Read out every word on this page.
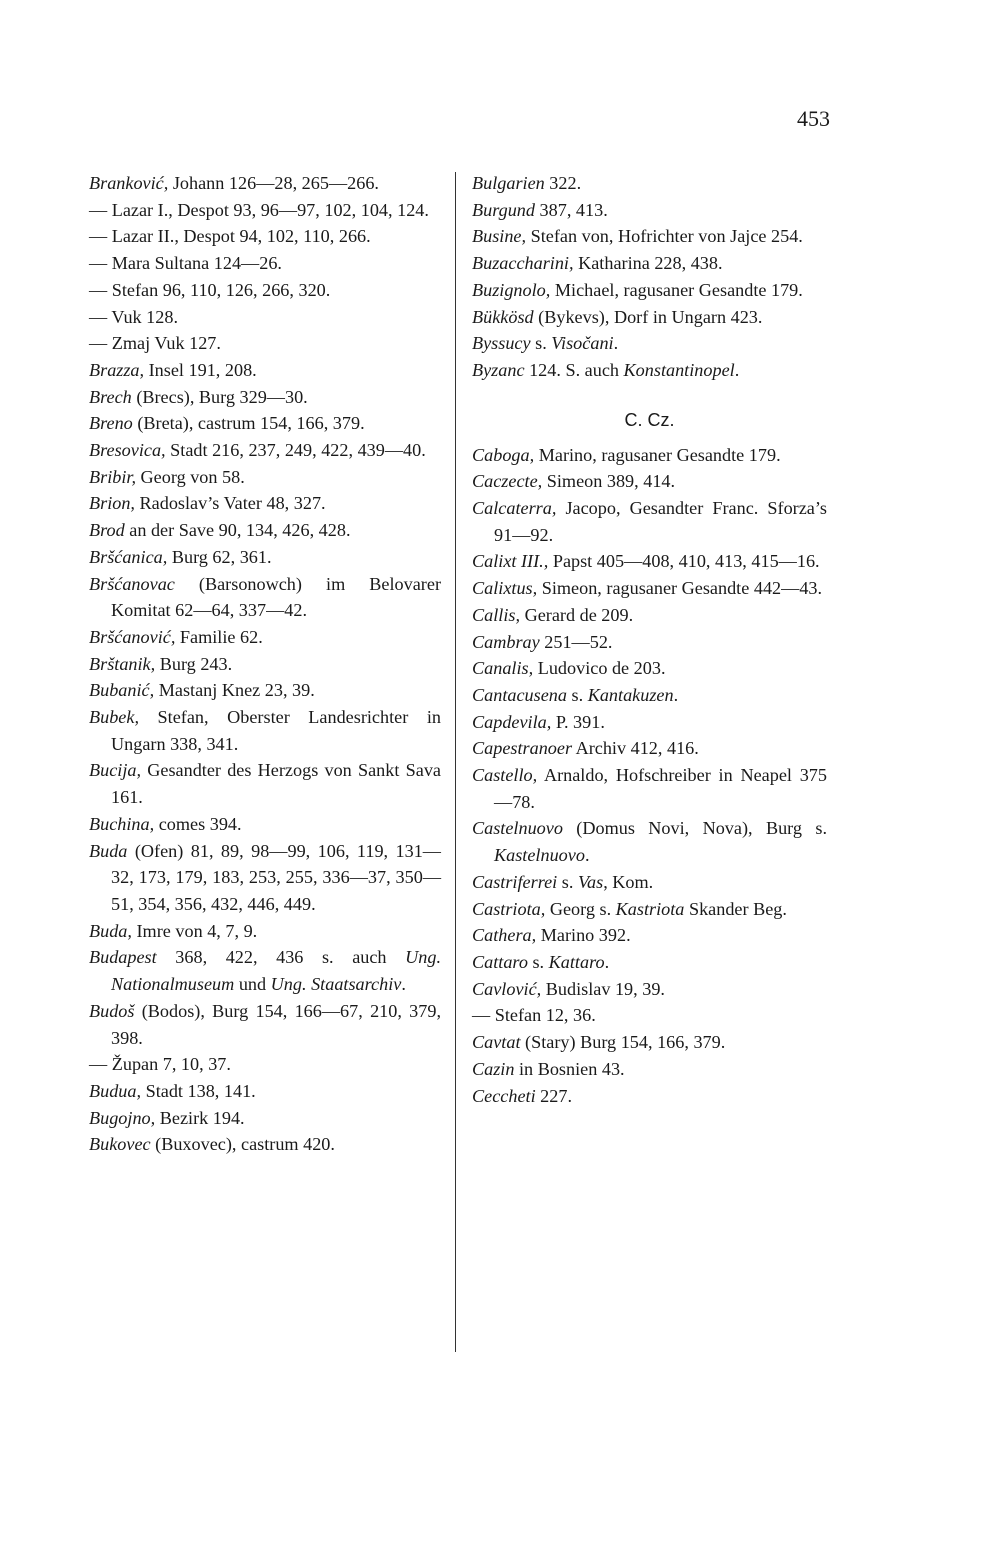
453

Branković, Johann 126—28, 265—266.

— Lazar I., Despot 93, 96—97, 102, 104, 124.

— Lazar II., Despot 94, 102, 110, 266.

— Mara Sultana 124—26.

— Stefan 96, 110, 126, 266, 320.

— Vuk 128.

— Zmaj Vuk 127.

Brazza, Insel 191, 208.

Brech (Brecs), Burg 329—30.

Breno (Breta), castrum 154, 166, 379.

Bresovica, Stadt 216, 237, 249, 422, 439—40.

Bribir, Georg von 58.

Brion, Radoslav’s Vater 48, 327.

Brod an der Save 90, 134, 426, 428.

Bršćanica, Burg 62, 361.

Bršćanovac (Barsonowch) im Belovarer Komitat 62—64, 337—42.

Bršćanović, Familie 62.

Brštanik, Burg 243.

Bubanić, Mastanj Knez 23, 39.

Bubek, Stefan, Oberster Landesrichter in Ungarn 338, 341.

Bucija, Gesandter des Herzogs von Sankt Sava 161.

Buchina, comes 394.

Buda (Ofen) 81, 89, 98—99, 106, 119, 131—32, 173, 179, 183, 253, 255, 336—37, 350—51, 354, 356, 432, 446, 449.

Buda, Imre von 4, 7, 9.

Budapest 368, 422, 436 s. auch Ung. Nationalmuseum und Ung. Staatsarchiv.

Budoš (Bodos), Burg 154, 166—67, 210, 379, 398.

— Župan 7, 10, 37.

Budua, Stadt 138, 141.

Bugojno, Bezirk 194.

Bukovec (Buxovec), castrum 420.

Bulgarien 322.

Burgund 387, 413.

Busine, Stefan von, Hofrichter von Jajce 254.

Buzaccharini, Katharina 228, 438.

Buzignolo, Michael, ragusaner Gesandte 179.

Bükkösd (Bykevs), Dorf in Ungarn 423.

Byssucy s. Visočani.

Byzanc 124. S. auch Konstantinopel.

C. Cz.

Caboga, Marino, ragusaner Gesandte 179.

Caczecte, Simeon 389, 414.

Calcaterra, Jacopo, Gesandter Franc. Sforza’s 91—92.

Calixt III., Papst 405—408, 410, 413, 415—16.

Calixtus, Simeon, ragusaner Gesandte 442—43.

Callis, Gerard de 209.

Cambray 251—52.

Canalis, Ludovico de 203.

Cantacusena s. Kantakuzen.

Capdevila, P. 391.

Capestranoer Archiv 412, 416.

Castello, Arnaldo, Hofschreiber in Neapel 375—78.

Castelnuovo (Domus Novi, Nova), Burg s. Kastelnuovo.

Castriferrei s. Vas, Kom.

Castriota, Georg s. Kastriota Skander Beg.

Cathera, Marino 392.

Cattaro s. Kattaro.

Cavlović, Budislav 19, 39.

— Stefan 12, 36.

Cavtat (Stary) Burg 154, 166, 379.

Cazin in Bosnien 43.

Ceccheti 227.
